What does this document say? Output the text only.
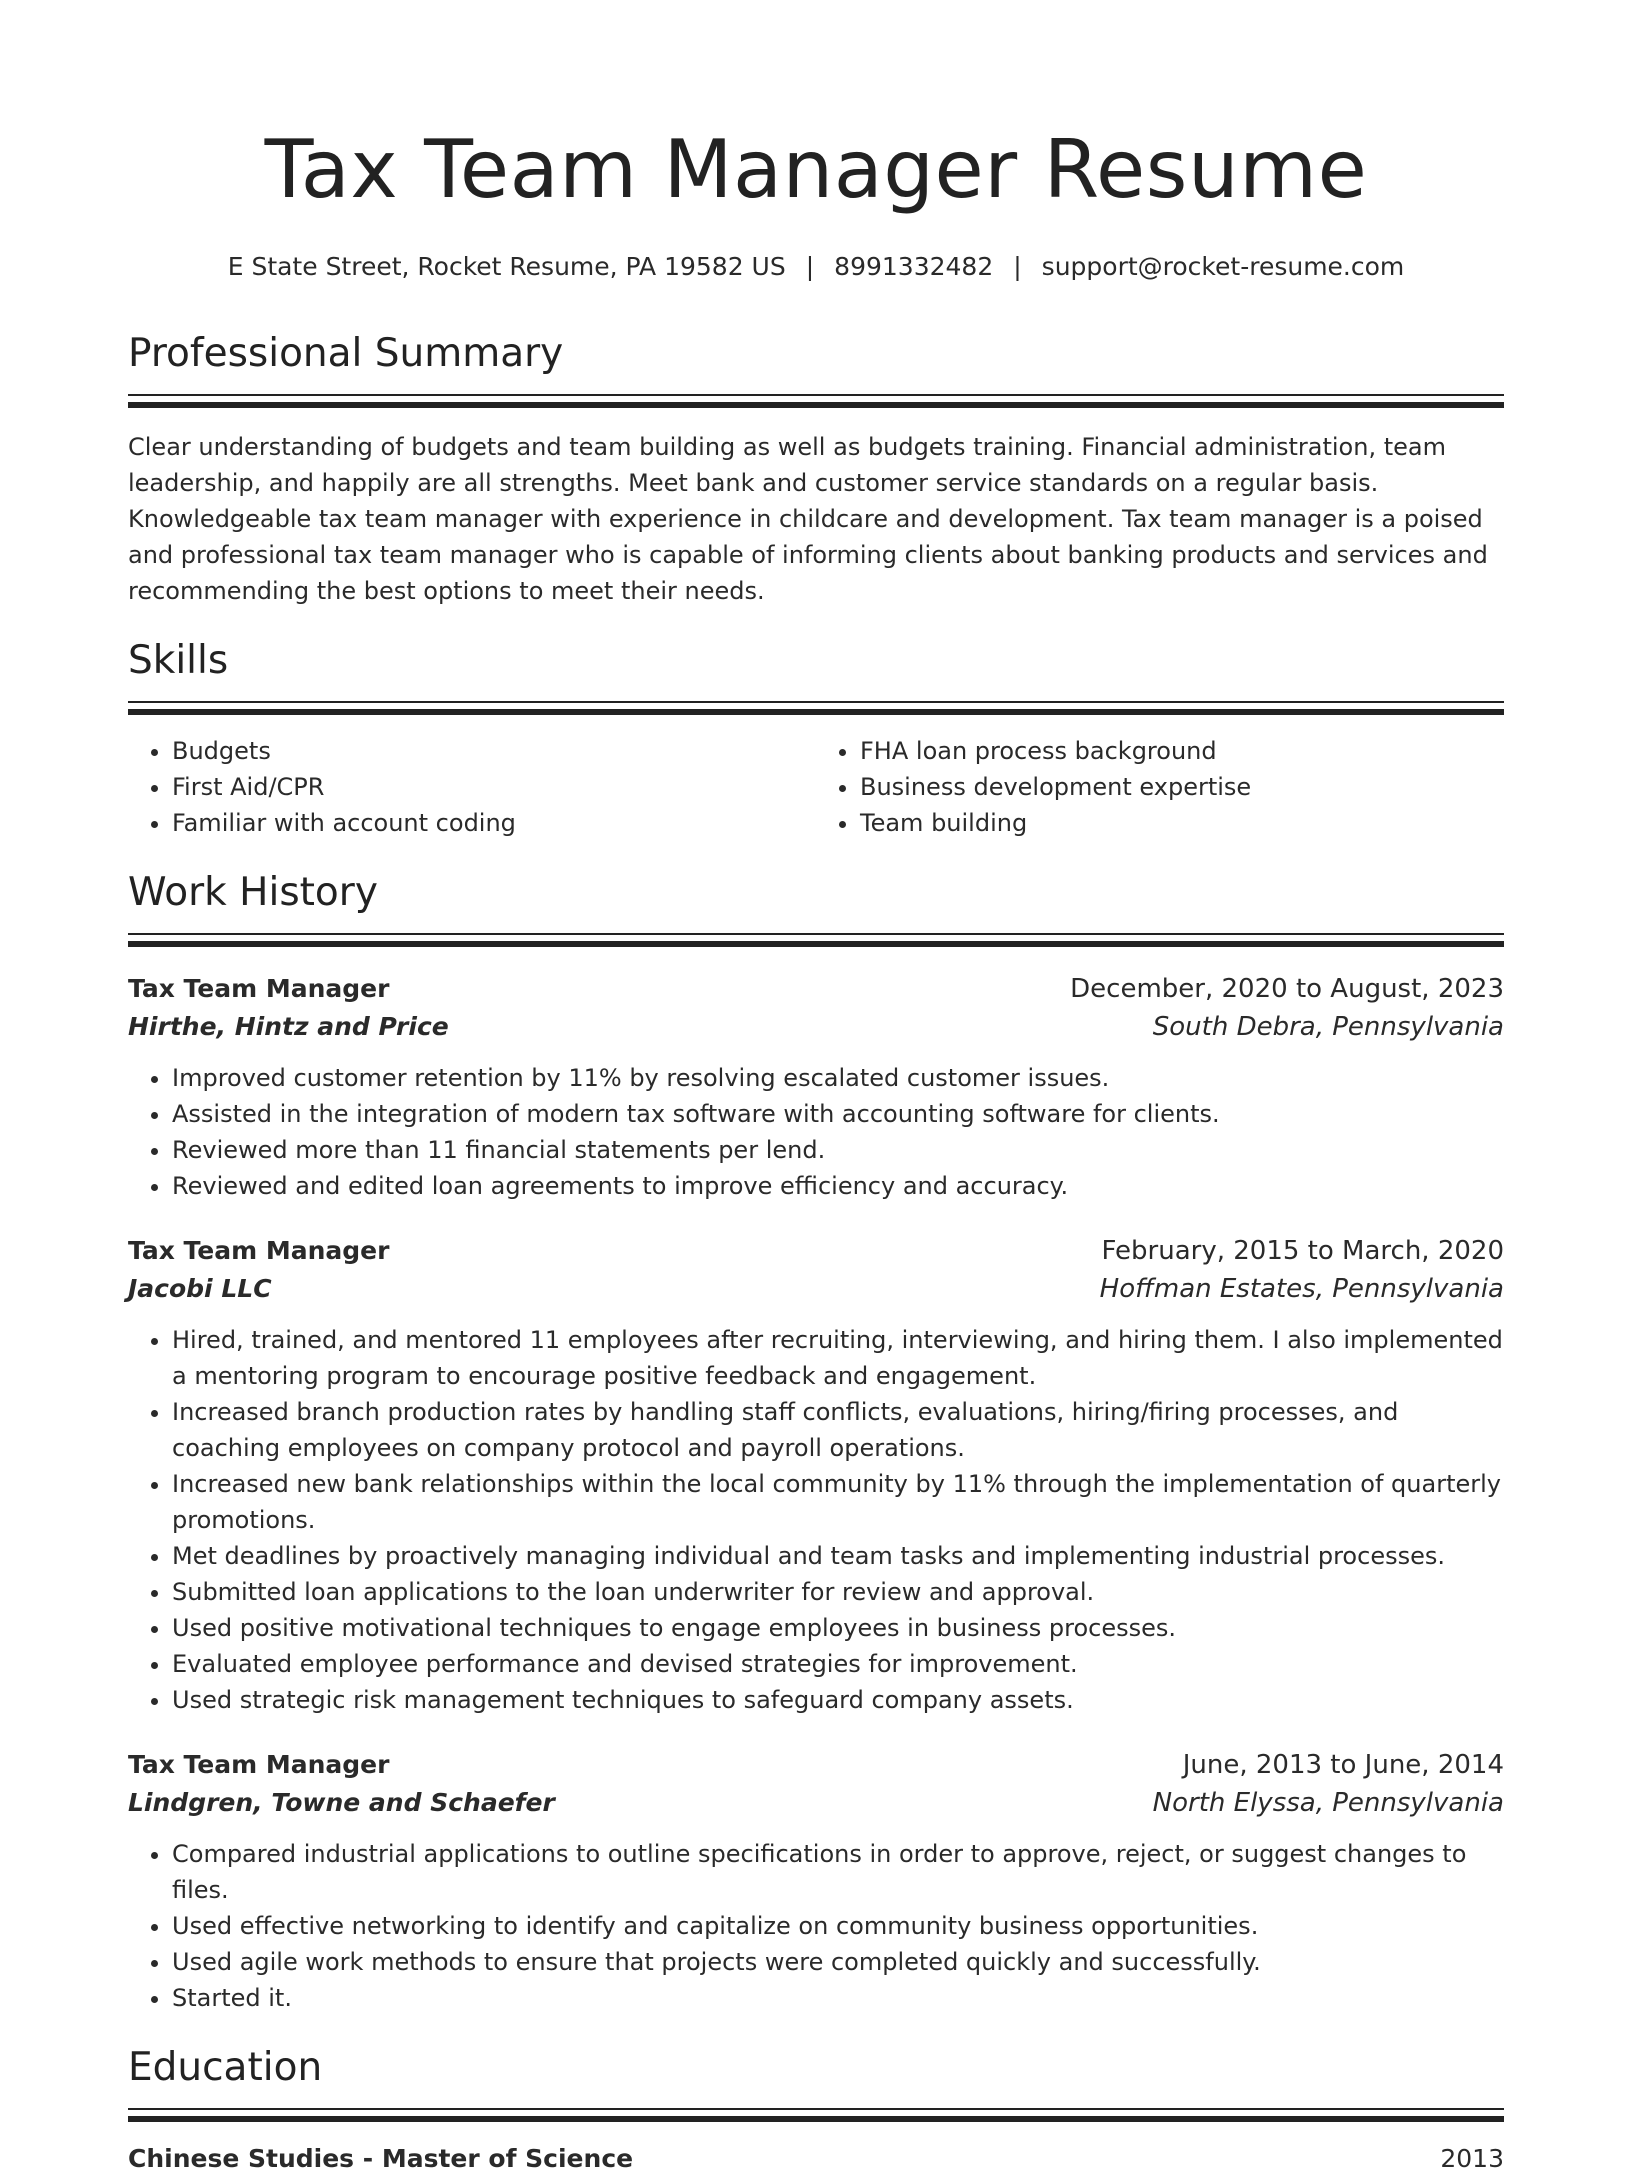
Tax Team Manager Resume
E State Street, Rocket Resume, PA 19582 US | 8991332482 | support@rocket-resume.com
Professional Summary
Clear understanding of budgets and team building as well as budgets training. Financial administration, team leadership, and happily are all strengths. Meet bank and customer service standards on a regular basis. Knowledgeable tax team manager with experience in childcare and development. Tax team manager is a poised and professional tax team manager who is capable of informing clients about banking products and services and recommending the best options to meet their needs.
Skills
• Budgets
• First Aid/CPR
• Familiar with account coding
• FHA loan process background
• Business development expertise
• Team building
Work History
Tax Team Manager	December, 2020 to August, 2023
Hirthe, Hintz and Price	South Debra, Pennsylvania
• Improved customer retention by 11% by resolving escalated customer issues.
• Assisted in the integration of modern tax software with accounting software for clients.
• Reviewed more than 11 financial statements per lend.
• Reviewed and edited loan agreements to improve efficiency and accuracy.
Tax Team Manager	February, 2015 to March, 2020
Jacobi LLC	Hoffman Estates, Pennsylvania
• Hired, trained, and mentored 11 employees after recruiting, interviewing, and hiring them. I also implemented a mentoring program to encourage positive feedback and engagement.
• Increased branch production rates by handling staff conflicts, evaluations, hiring/firing processes, and coaching employees on company protocol and payroll operations.
• Increased new bank relationships within the local community by 11% through the implementation of quarterly promotions.
• Met deadlines by proactively managing individual and team tasks and implementing industrial processes.
• Submitted loan applications to the loan underwriter for review and approval.
• Used positive motivational techniques to engage employees in business processes.
• Evaluated employee performance and devised strategies for improvement.
• Used strategic risk management techniques to safeguard company assets.
Tax Team Manager	June, 2013 to June, 2014
Lindgren, Towne and Schaefer	North Elyssa, Pennsylvania
• Compared industrial applications to outline specifications in order to approve, reject, or suggest changes to files.
• Used effective networking to identify and capitalize on community business opportunities.
• Used agile work methods to ensure that projects were completed quickly and successfully.
• Started it.
Education
Chinese Studies - Master of Science	2013
